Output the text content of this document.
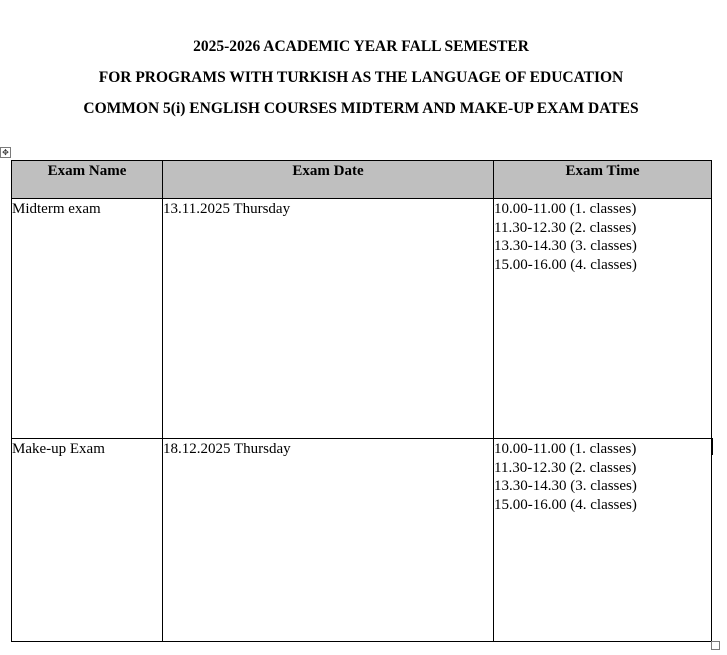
2025-2026 ACADEMIC YEAR FALL SEMESTER
FOR PROGRAMS WITH TURKISH AS THE LANGUAGE OF EDUCATION
COMMON 5(i) ENGLISH COURSES MIDTERM AND MAKE-UP EXAM DATES
✥
Exam Name	Exam Date	Exam Time
Midterm exam	13.11.2025 Thursday	10.00-11.00 (1. classes)
11.30-12.30 (2. classes)
13.30-14.30 (3. classes)
15.00-16.00 (4. classes)

Make-up Exam	18.12.2025 Thursday	10.00-11.00 (1. classes)
11.30-12.30 (2. classes)
13.30-14.30 (3. classes)
15.00-16.00 (4. classes)
